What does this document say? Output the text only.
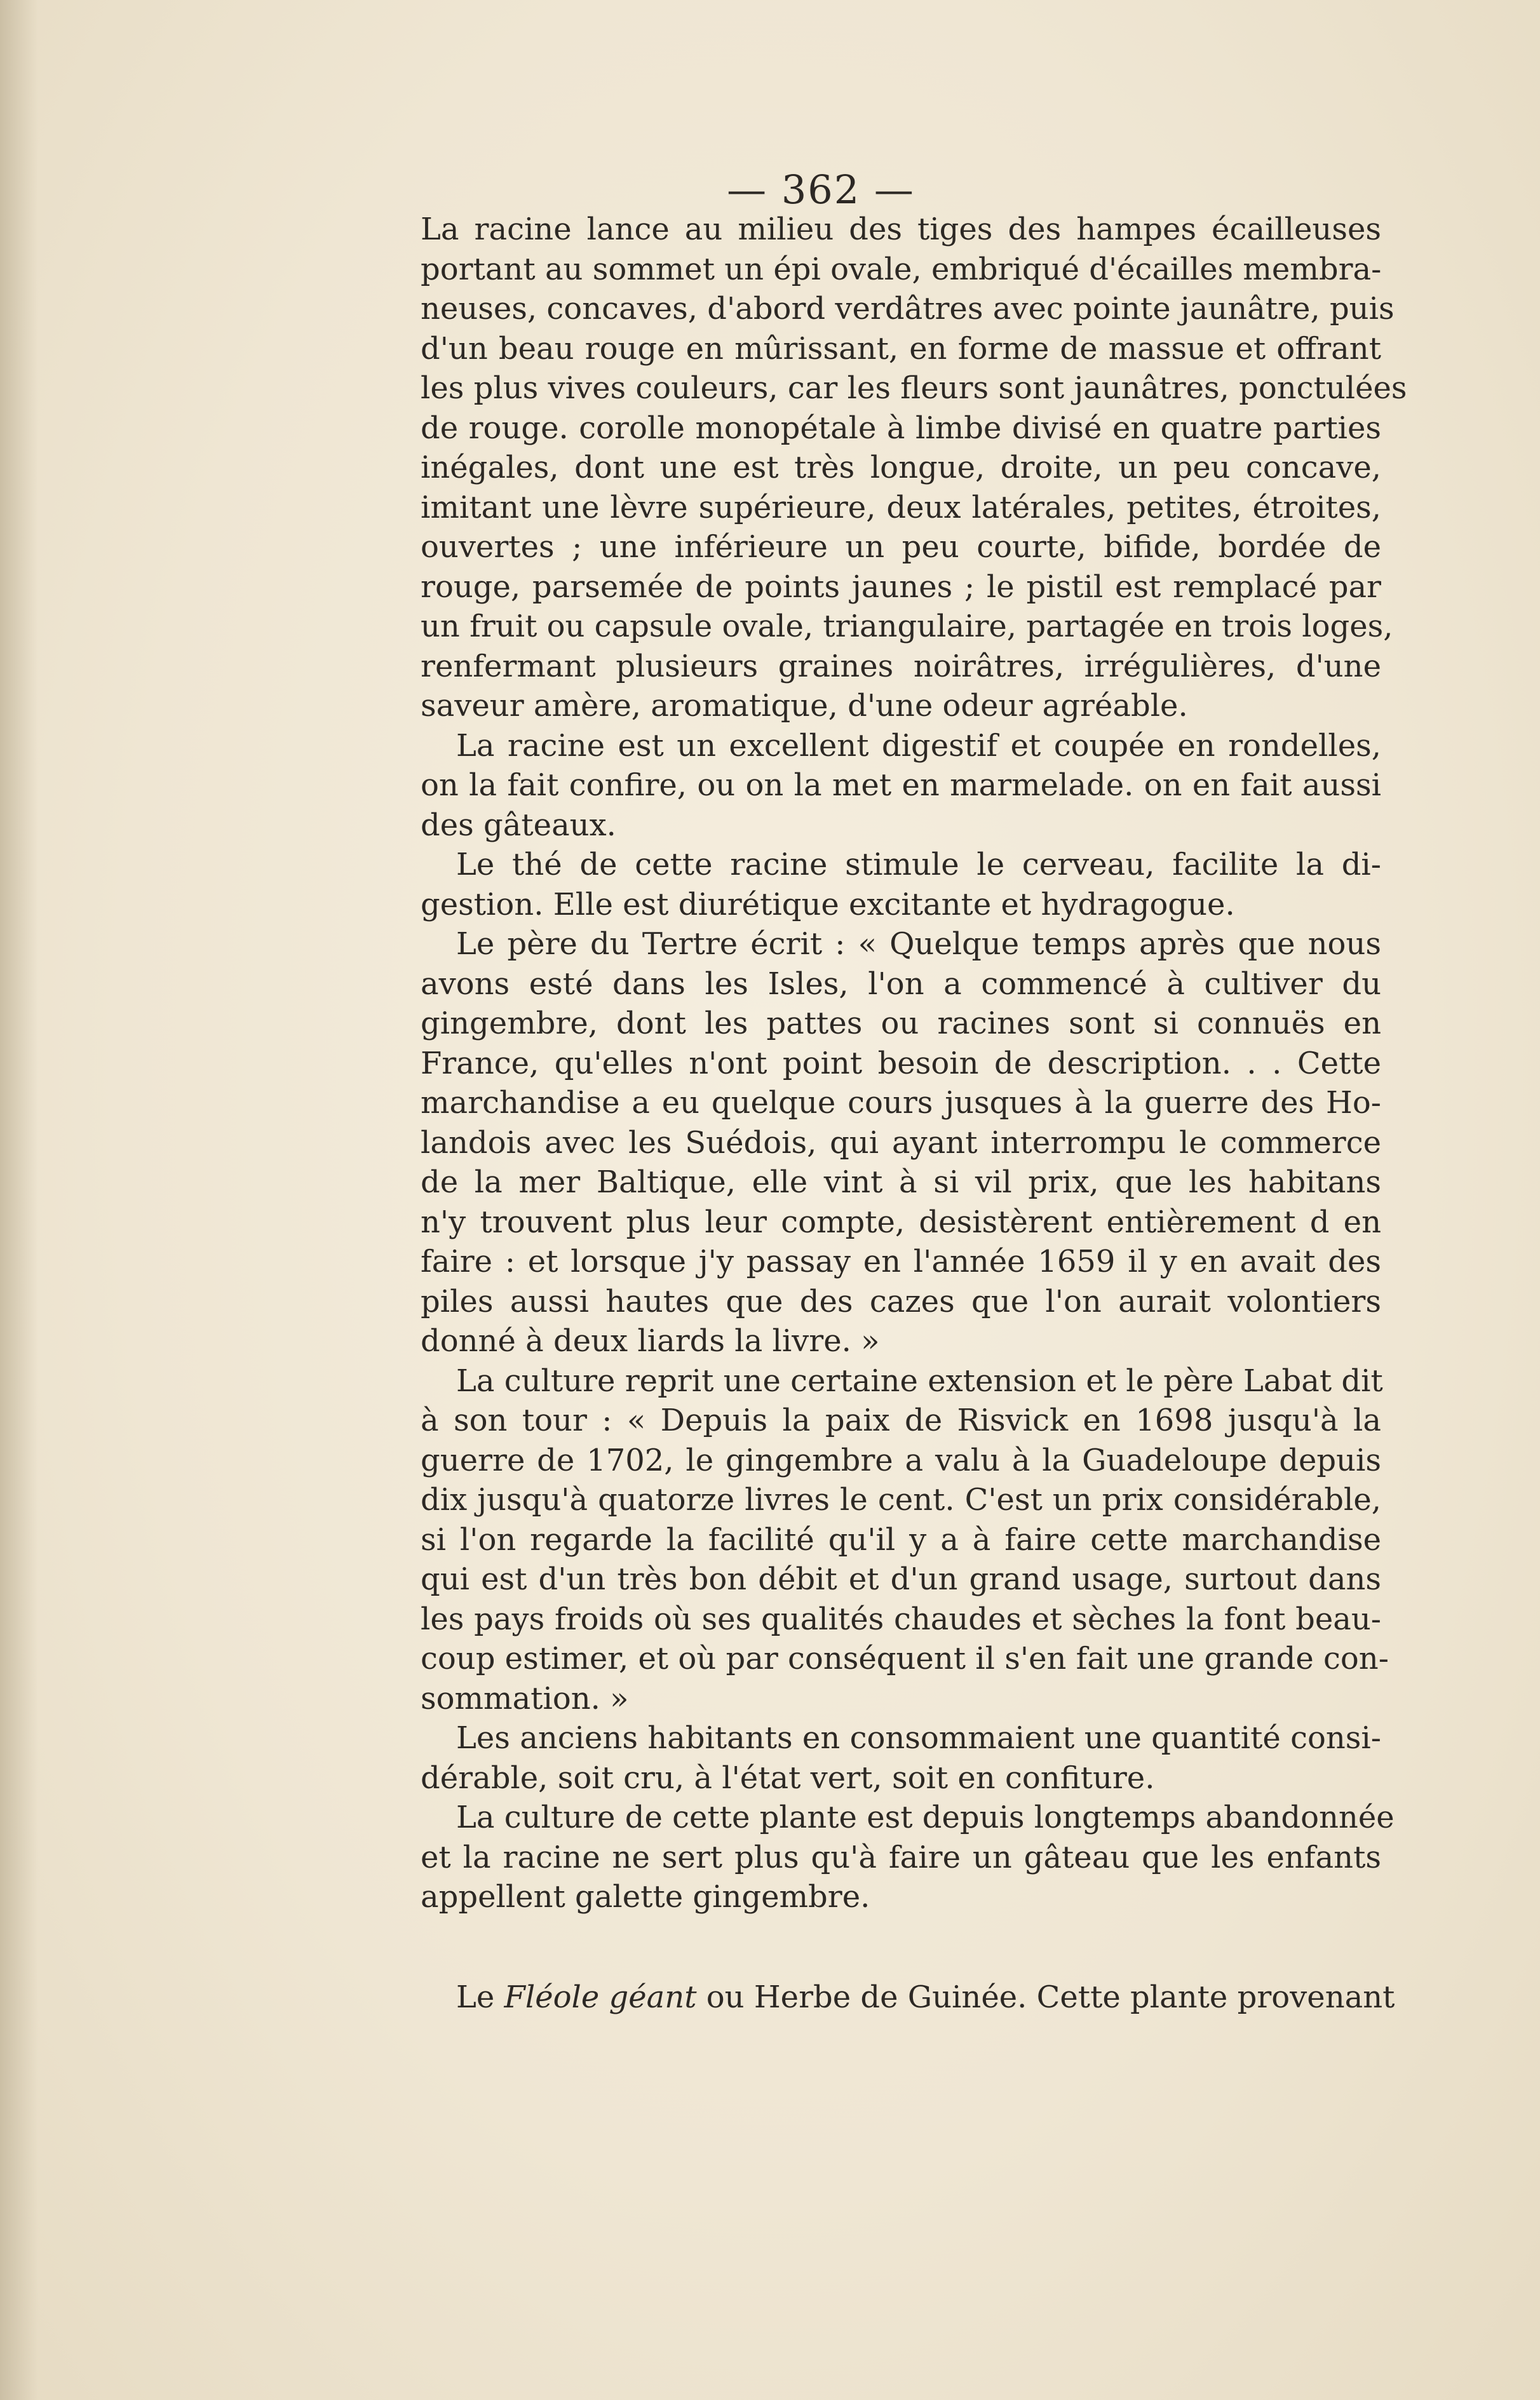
— 362 —
La racine lance au milieu des tiges des hampes écailleuses
portant au sommet un épi ovale, embriqué d'écailles membra-
neuses, concaves, d'abord verdâtres avec pointe jaunâtre, puis
d'un beau rouge en mûrissant, en forme de massue et offrant
les plus vives couleurs, car les fleurs sont jaunâtres, ponctulées
de rouge. corolle monopétale à limbe divisé en quatre parties
inégales, dont une est très longue, droite, un peu concave,
imitant une lèvre supérieure, deux latérales, petites, étroites,
ouvertes ; une inférieure un peu courte, bifide, bordée de
rouge, parsemée de points jaunes ; le pistil est remplacé par
un fruit ou capsule ovale, triangulaire, partagée en trois loges,
renfermant plusieurs graines noirâtres, irrégulières, d'une
saveur amère, aromatique, d'une odeur agréable.
La racine est un excellent digestif et coupée en rondelles,
on la fait confire, ou on la met en marmelade. on en fait aussi
des gâteaux.
Le thé de cette racine stimule le cerveau, facilite la di-
gestion. Elle est diurétique excitante et hydragogue.
Le père du Tertre écrit : « Quelque temps après que nous
avons esté dans les Isles, l'on a commencé à cultiver du
gingembre, dont les pattes ou racines sont si connuës en
France, qu'elles n'ont point besoin de description. . . Cette
marchandise a eu quelque cours jusques à la guerre des Ho-
landois avec les Suédois, qui ayant interrompu le commerce
de la mer Baltique, elle vint à si vil prix, que les habitans
n'y trouvent plus leur compte, desistèrent entièrement d en
faire : et lorsque j'y passay en l'année 1659 il y en avait des
piles aussi hautes que des cazes que l'on aurait volontiers
donné à deux liards la livre. »
La culture reprit une certaine extension et le père Labat dit
à son tour : « Depuis la paix de Risvick en 1698 jusqu'à la
guerre de 1702, le gingembre a valu à la Guadeloupe depuis
dix jusqu'à quatorze livres le cent. C'est un prix considérable,
si l'on regarde la facilité qu'il y a à faire cette marchandise
qui est d'un très bon débit et d'un grand usage, surtout dans
les pays froids où ses qualités chaudes et sèches la font beau-
coup estimer, et où par conséquent il s'en fait une grande con-
sommation. »
Les anciens habitants en consommaient une quantité consi-
dérable, soit cru, à l'état vert, soit en confiture.
La culture de cette plante est depuis longtemps abandonnée
et la racine ne sert plus qu'à faire un gâteau que les enfants
appellent galette gingembre.
Le Fléole géant ou Herbe de Guinée. Cette plante provenant
